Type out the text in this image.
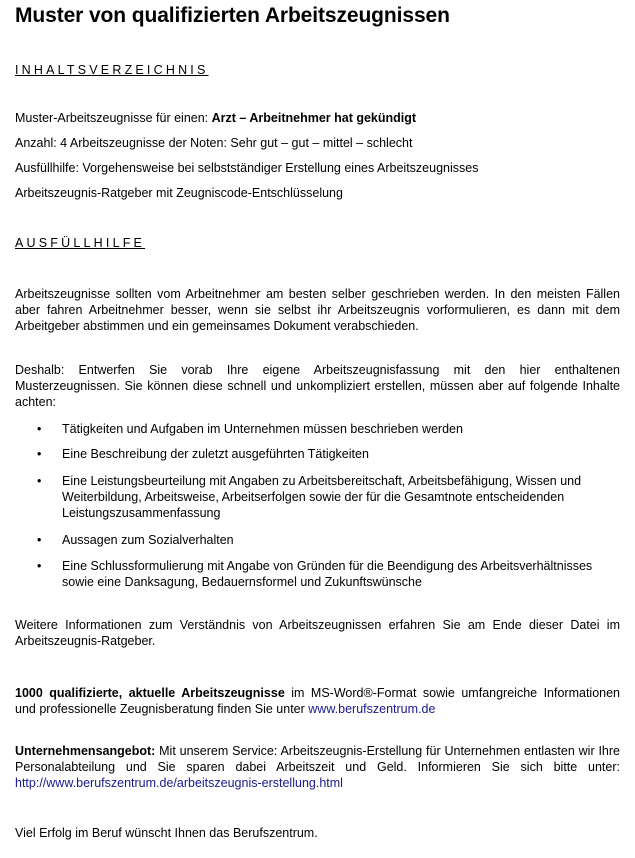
Muster von qualifizierten Arbeitszeugnissen
INHALTSVERZEICHNIS
Muster-Arbeitszeugnisse für einen: Arzt – Arbeitnehmer hat gekündigt
Anzahl: 4 Arbeitszeugnisse der Noten: Sehr gut – gut – mittel – schlecht
Ausfüllhilfe: Vorgehensweise bei selbstständiger Erstellung eines Arbeitszeugnisses
Arbeitszeugnis-Ratgeber mit Zeugniscode-Entschlüsselung
AUSFÜLLHILFE
Arbeitszeugnisse sollten vom Arbeitnehmer am besten selber geschrieben werden. In den meisten Fällen aber fahren Arbeitnehmer besser, wenn sie selbst ihr Arbeitszeugnis vorformulieren, es dann mit dem Arbeitgeber abstimmen und ein gemeinsames Dokument verabschieden.
Deshalb: Entwerfen Sie vorab Ihre eigene Arbeitszeugnisfassung mit den hier enthaltenen Musterzeugnissen. Sie können diese schnell und unkompliziert erstellen, müssen aber auf folgende Inhalte achten:
• Tätigkeiten und Aufgaben im Unternehmen müssen beschrieben werden
• Eine Beschreibung der zuletzt ausgeführten Tätigkeiten
• Eine Leistungsbeurteilung mit Angaben zu Arbeitsbereitschaft, Arbeitsbefähigung, Wissen und Weiterbildung, Arbeitsweise, Arbeitserfolgen sowie der für die Gesamtnote entscheidenden Leistungszusammenfassung
• Aussagen zum Sozialverhalten
• Eine Schlussformulierung mit Angabe von Gründen für die Beendigung des Arbeitsverhältnisses sowie eine Danksagung, Bedauernsformel und Zukunftswünsche
Weitere Informationen zum Verständnis von Arbeitszeugnissen erfahren Sie am Ende dieser Datei im Arbeitszeugnis-Ratgeber.
1000 qualifizierte, aktuelle Arbeitszeugnisse im MS-Word®-Format sowie umfangreiche Informationen und professionelle Zeugnisberatung finden Sie unter www.berufszentrum.de
Unternehmensangebot: Mit unserem Service: Arbeitszeugnis-Erstellung für Unternehmen entlasten wir Ihre Personalabteilung und Sie sparen dabei Arbeitszeit und Geld. Informieren Sie sich bitte unter: http://www.berufszentrum.de/arbeitszeugnis-erstellung.html
Viel Erfolg im Beruf wünscht Ihnen das Berufszentrum.
